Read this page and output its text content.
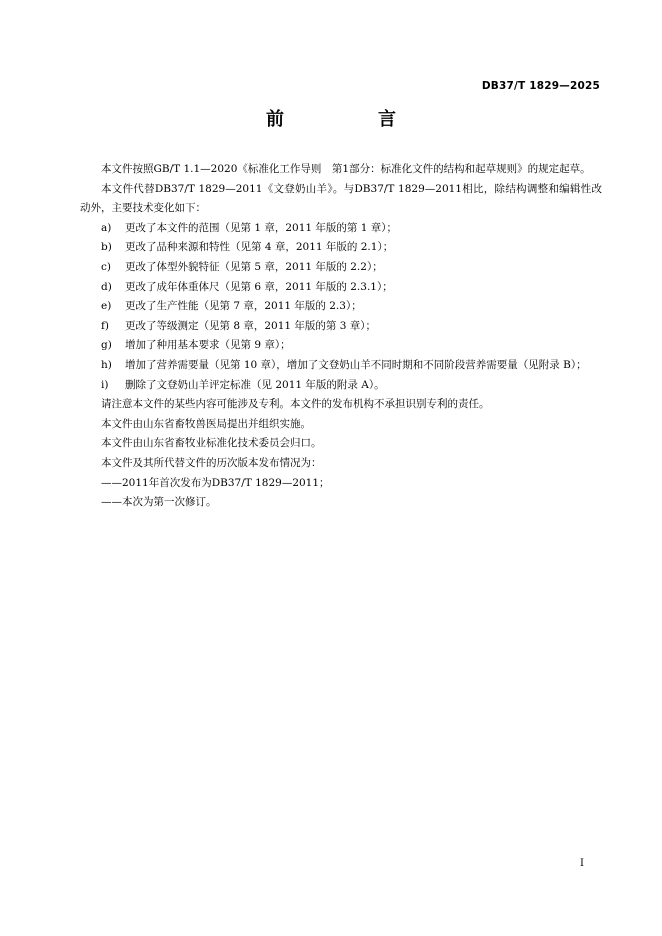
DB37/T 1829—2025
前　言

本文件按照GB/T 1.1—2020《标准化工作导则　第1部分：标准化文件的结构和起草规则》的规定起草。

本文件代替DB37/T 1829—2011《文登奶山羊》。与DB37/T 1829—2011相比，除结构调整和编辑性改动外，主要技术变化如下：

a) 更改了本文件的范围（见第 1 章，2011 年版的第 1 章）；

b) 更改了品种来源和特性（见第 4 章，2011 年版的 2.1）；

c) 更改了体型外貌特征（见第 5 章，2011 年版的 2.2）；

d) 更改了成年体重体尺（见第 6 章，2011 年版的 2.3.1）；

e) 更改了生产性能（见第 7 章，2011 年版的 2.3）；

f) 更改了等级测定（见第 8 章，2011 年版的第 3 章）；

g) 增加了种用基本要求（见第 9 章）；

h) 增加了营养需要量（见第 10 章），增加了文登奶山羊不同时期和不同阶段营养需要量（见附录 B）；

i) 删除了文登奶山羊评定标准（见 2011 年版的附录 A）。

请注意本文件的某些内容可能涉及专利。本文件的发布机构不承担识别专利的责任。

本文件由山东省畜牧兽医局提出并组织实施。

本文件由山东省畜牧业标准化技术委员会归口。

本文件及其所代替文件的历次版本发布情况为：

——2011年首次发布为DB37/T 1829—2011；

——本次为第一次修订。

I
